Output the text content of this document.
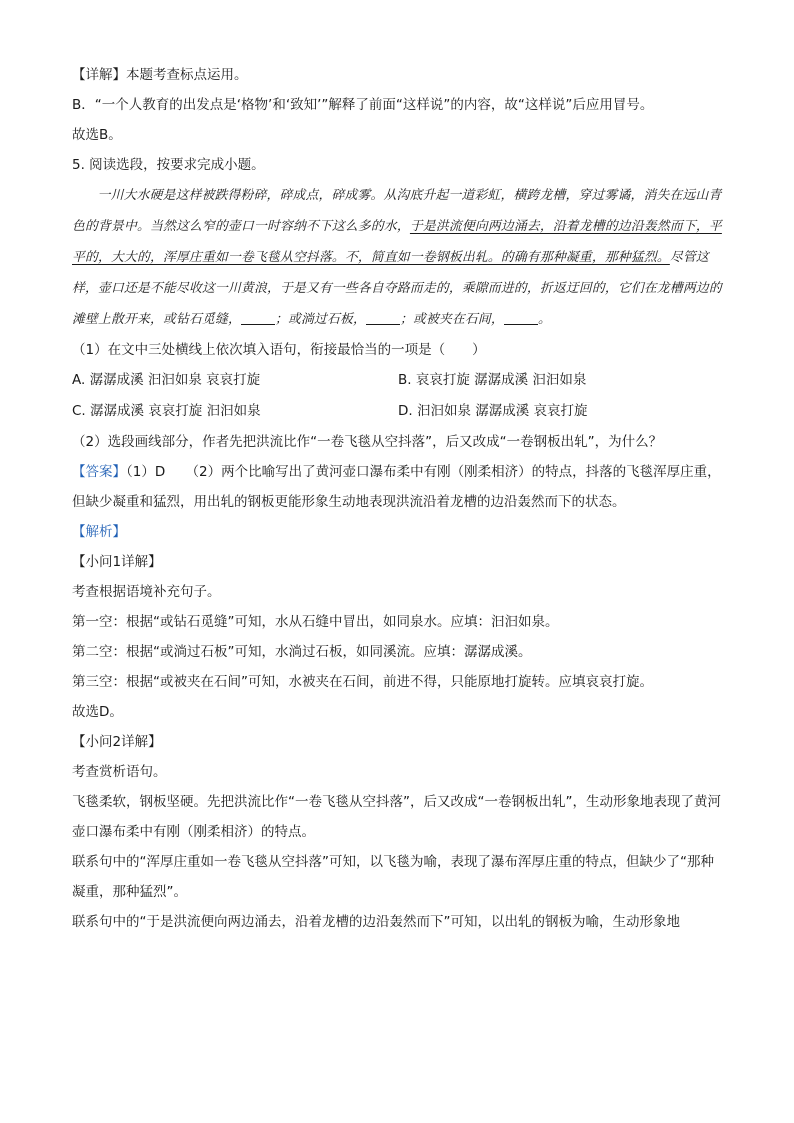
【详解】本题考查标点运用。

B．“一个人教育的出发点是‘格物’和‘致知’”解释了前面“这样说”的内容，故“这样说”后应用冒号。

故选B。

5. 阅读选段，按要求完成小题。

一川大水硬是这样被跌得粉碎，碎成点，碎成雾。从沟底升起一道彩虹，横跨龙槽，穿过雾谲，消失在远山青色的背景中。当然这么窄的壶口一时容纳不下这么多的水，于是洪流便向两边涌去，沿着龙槽的边沿轰然而下，平平的，大大的，浑厚庄重如一卷飞毯从空抖落。不，简直如一卷钢板出轧。的确有那种凝重，那种猛烈。尽管这样，壶口还是不能尽收这一川黄浪，于是又有一些各自夺路而走的，乘隙而进的，折返迂回的，它们在龙槽两边的滩壁上散开来，或钻石觅缝，	；或淌过石板，	；或被夹在石间，	。

（1）在文中三处横线上依次填入语句，衔接最恰当的一项是（　　）

A. 潺潺成溪 汩汩如泉 哀哀打旋	B. 哀哀打旋 潺潺成溪 汩汩如泉
C. 潺潺成溪 哀哀打旋 汩汩如泉	D. 汩汩如泉 潺潺成溪 哀哀打旋

（2）选段画线部分，作者先把洪流比作“一卷飞毯从空抖落”，后又改成“一卷钢板出轧”，为什么？

【答案】（1）D　　（2）两个比喻写出了黄河壶口瀑布柔中有刚（刚柔相济）的特点，抖落的飞毯浑厚庄重，但缺少凝重和猛烈，用出轧的钢板更能形象生动地表现洪流沿着龙槽的边沿轰然而下的状态。

【解析】

【小问1详解】

考查根据语境补充句子。

第一空：根据“或钻石觅缝”可知，水从石缝中冒出，如同泉水。应填：汩汩如泉。

第二空：根据“或淌过石板”可知，水淌过石板，如同溪流。应填：潺潺成溪。

第三空：根据“或被夹在石间”可知，水被夹在石间，前进不得，只能原地打旋转。应填哀哀打旋。

故选D。

【小问2详解】

考查赏析语句。

飞毯柔软，钢板坚硬。先把洪流比作“一卷飞毯从空抖落”，后又改成“一卷钢板出轧”，生动形象地表现了黄河壶口瀑布柔中有刚（刚柔相济）的特点。

联系句中的“浑厚庄重如一卷飞毯从空抖落”可知，以飞毯为喻，表现了瀑布浑厚庄重的特点，但缺少了“那种凝重，那种猛烈”。

联系句中的“于是洪流便向两边涌去，沿着龙槽的边沿轰然而下”可知，以出轧的钢板为喻，生动形象地
